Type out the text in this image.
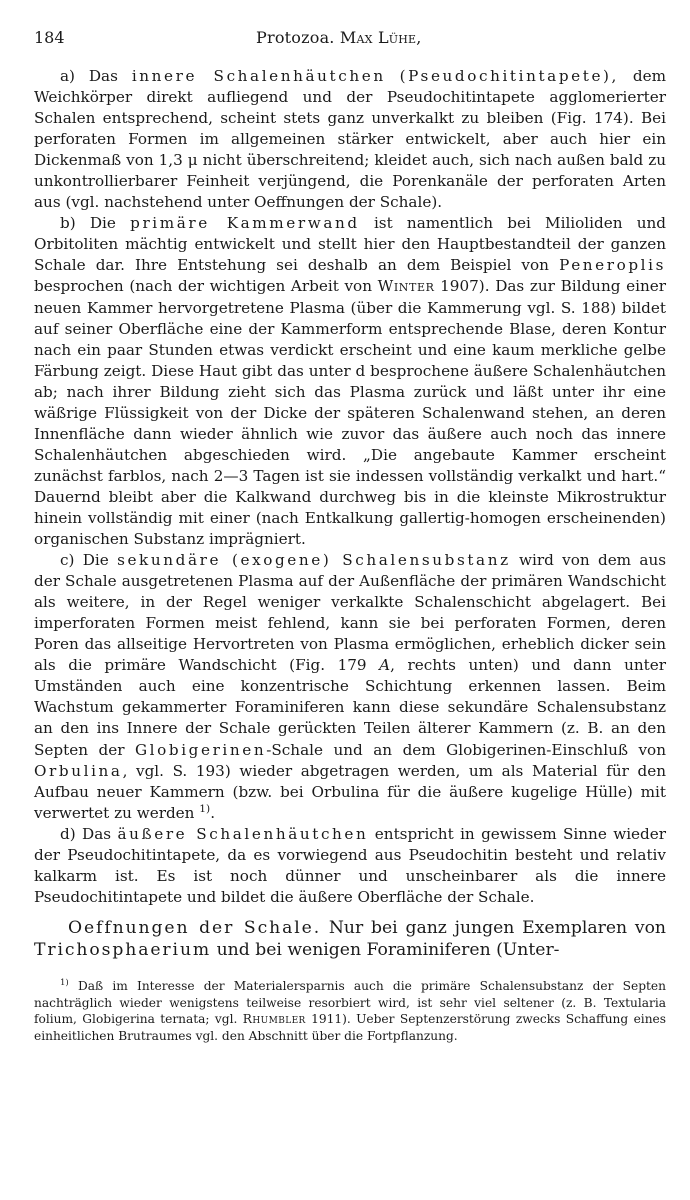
184	Protozoa. Max Lühe,

a) Das innere Schalenhäutchen (Pseudochitintapete), dem Weichkörper direkt aufliegend und der Pseudochitintapete agglomerierter Schalen entsprechend, scheint stets ganz unverkalkt zu bleiben (Fig. 174). Bei perforaten Formen im allgemeinen stärker entwickelt, aber auch hier ein Dickenmaß von 1,3 μ nicht überschreitend; kleidet auch, sich nach außen bald zu unkontrollierbarer Feinheit verjüngend, die Porenkanäle der perforaten Arten aus (vgl. nachstehend unter Oeffnungen der Schale).

b) Die primäre Kammerwand ist namentlich bei Milioliden und Orbitoliten mächtig entwickelt und stellt hier den Hauptbestandteil der ganzen Schale dar. Ihre Entstehung sei deshalb an dem Beispiel von Peneroplis besprochen (nach der wichtigen Arbeit von Winter 1907). Das zur Bildung einer neuen Kammer hervorgetretene Plasma (über die Kammerung vgl. S. 188) bildet auf seiner Oberfläche eine der Kammerform entsprechende Blase, deren Kontur nach ein paar Stunden etwas verdickt erscheint und eine kaum merkliche gelbe Färbung zeigt. Diese Haut gibt das unter d besprochene äußere Schalenhäutchen ab; nach ihrer Bildung zieht sich das Plasma zurück und läßt unter ihr eine wäßrige Flüssigkeit von der Dicke der späteren Schalenwand stehen, an deren Innenfläche dann wieder ähnlich wie zuvor das äußere auch noch das innere Schalenhäutchen abgeschieden wird. „Die angebaute Kammer erscheint zunächst farblos, nach 2—3 Tagen ist sie indessen vollständig verkalkt und hart.“ Dauernd bleibt aber die Kalkwand durchweg bis in die kleinste Mikrostruktur hinein vollständig mit einer (nach Entkalkung gallertig-homogen erscheinenden) organischen Substanz imprägniert.

c) Die sekundäre (exogene) Schalensubstanz wird von dem aus der Schale ausgetretenen Plasma auf der Außenfläche der primären Wandschicht als weitere, in der Regel weniger verkalkte Schalenschicht abgelagert. Bei imperforaten Formen meist fehlend, kann sie bei perforaten Formen, deren Poren das allseitige Hervortreten von Plasma ermöglichen, erheblich dicker sein als die primäre Wandschicht (Fig. 179 A, rechts unten) und dann unter Umständen auch eine konzentrische Schichtung erkennen lassen. Beim Wachstum gekammerter Foraminiferen kann diese sekundäre Schalensubstanz an den ins Innere der Schale gerückten Teilen älterer Kammern (z. B. an den Septen der Globigerinen-Schale und an dem Globigerinen-Einschluß von Orbulina, vgl. S. 193) wieder abgetragen werden, um als Material für den Aufbau neuer Kammern (bzw. bei Orbulina für die äußere kugelige Hülle) mit verwertet zu werden $^{1)}$.

d) Das äußere Schalenhäutchen entspricht in gewissem Sinne wieder der Pseudochitintapete, da es vorwiegend aus Pseudochitin besteht und relativ kalkarm ist. Es ist noch dünner und unscheinbarer als die innere Pseudochitintapete und bildet die äußere Oberfläche der Schale.

Oeffnungen der Schale. Nur bei ganz jungen Exemplaren von Trichosphaerium und bei wenigen Foraminiferen (Unter-

$^{1)}$ Daß im Interesse der Materialersparnis auch die primäre Schalensubstanz der Septen nachträglich wieder wenigstens teilweise resorbiert wird, ist sehr viel seltener (z. B. Textularia folium, Globigerina ternata; vgl. Rhumbler 1911). Ueber Septenzerstörung zwecks Schaffung eines einheitlichen Brutraumes vgl. den Abschnitt über die Fortpflanzung.
